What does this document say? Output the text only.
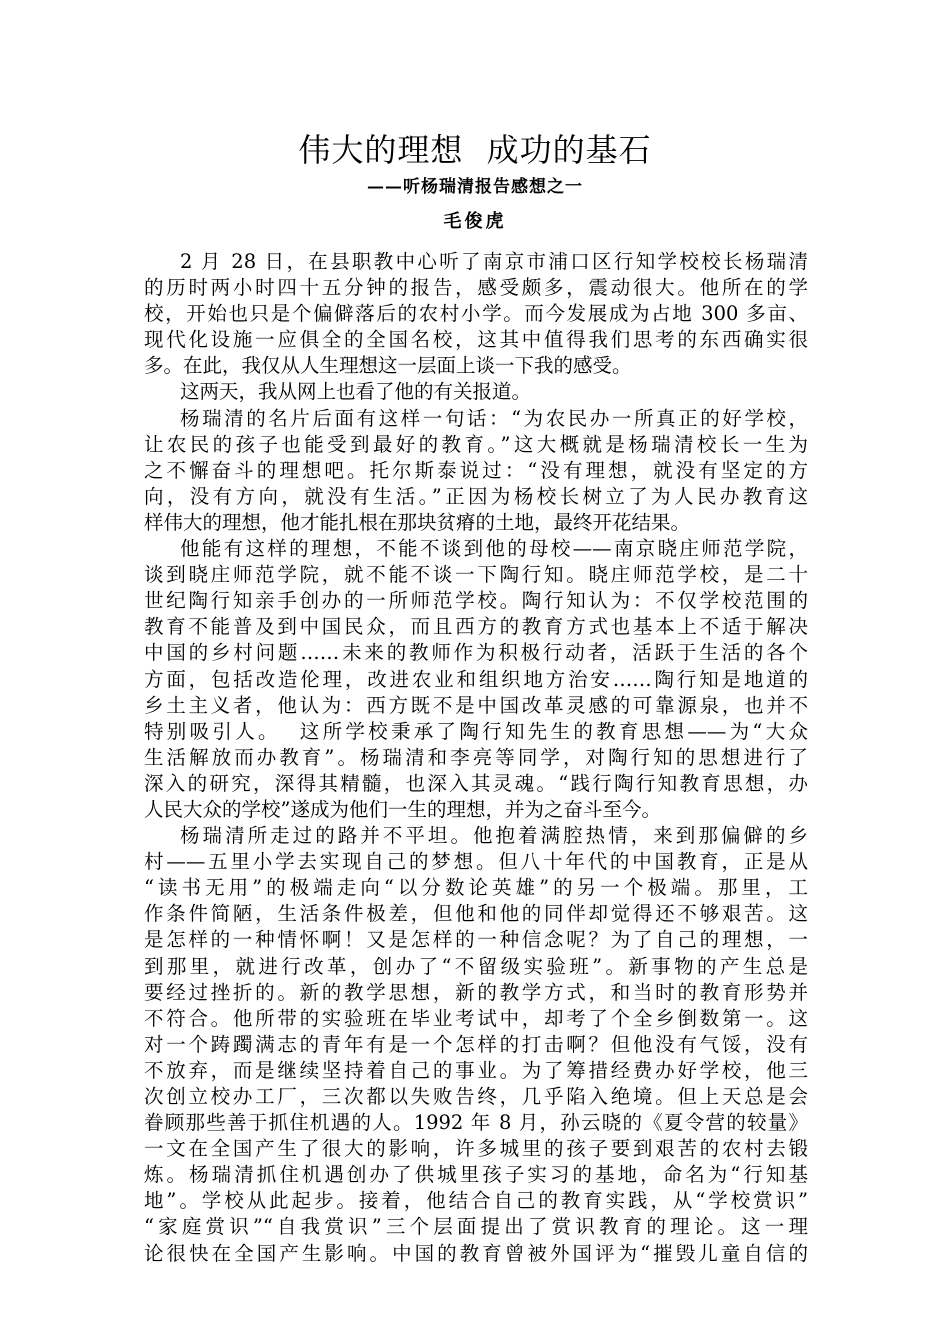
伟大的理想 成功的基石
——听杨瑞清报告感想之一
毛俊虎
2 月 28 日，在县职教中心听了南京市浦口区行知学校校长杨瑞清
的历时两小时四十五分钟的报告，感受颇多，震动很大。他所在的学
校，开始也只是个偏僻落后的农村小学。而今发展成为占地 300 多亩、
现代化设施一应俱全的全国名校，这其中值得我们思考的东西确实很
多。在此，我仅从人生理想这一层面上谈一下我的感受。
这两天，我从网上也看了他的有关报道。
杨瑞清的名片后面有这样一句话：“为农民办一所真正的好学校，
让农民的孩子也能受到最好的教育。”这大概就是杨瑞清校长一生为
之不懈奋斗的理想吧。托尔斯泰说过：“没有理想，就没有坚定的方
向，没有方向，就没有生活。”正因为杨校长树立了为人民办教育这
样伟大的理想，他才能扎根在那块贫瘠的土地，最终开花结果。
他能有这样的理想，不能不谈到他的母校——南京晓庄师范学院，
谈到晓庄师范学院，就不能不谈一下陶行知。晓庄师范学校，是二十
世纪陶行知亲手创办的一所师范学校。陶行知认为：不仅学校范围的
教育不能普及到中国民众，而且西方的教育方式也基本上不适于解决
中国的乡村问题……未来的教师作为积极行动者，活跃于生活的各个
方面，包括改造伦理，改进农业和组织地方治安……陶行知是地道的
乡土主义者，他认为：西方既不是中国改革灵感的可靠源泉，也并不
特别吸引人。  这所学校秉承了陶行知先生的教育思想——为“大众
生活解放而办教育”。杨瑞清和李亮等同学，对陶行知的思想进行了
深入的研究，深得其精髓，也深入其灵魂。“践行陶行知教育思想，办
人民大众的学校”遂成为他们一生的理想，并为之奋斗至今。
杨瑞清所走过的路并不平坦。他抱着满腔热情，来到那偏僻的乡
村——五里小学去实现自己的梦想。但八十年代的中国教育，正是从
“读书无用”的极端走向“以分数论英雄”的另一个极端。那里，工
作条件简陋，生活条件极差，但他和他的同伴却觉得还不够艰苦。这
是怎样的一种情怀啊！又是怎样的一种信念呢？为了自己的理想，一
到那里，就进行改革，创办了“不留级实验班”。新事物的产生总是
要经过挫折的。新的教学思想，新的教学方式，和当时的教育形势并
不符合。他所带的实验班在毕业考试中，却考了个全乡倒数第一。这
对一个踌躅满志的青年有是一个怎样的打击啊？但他没有气馁，没有
不放弃，而是继续坚持着自己的事业。为了筹措经费办好学校，他三
次创立校办工厂，三次都以失败告终，几乎陷入绝境。但上天总是会
眷顾那些善于抓住机遇的人。1992 年 8 月，孙云晓的《夏令营的较量》
一文在全国产生了很大的影响，许多城里的孩子要到艰苦的农村去锻
炼。杨瑞清抓住机遇创办了供城里孩子实习的基地，命名为“行知基
地”。学校从此起步。接着，他结合自己的教育实践，从“学校赏识”
“家庭赏识”“自我赏识”三个层面提出了赏识教育的理论。这一理
论很快在全国产生影响。中国的教育曾被外国评为“摧毁儿童自信的
